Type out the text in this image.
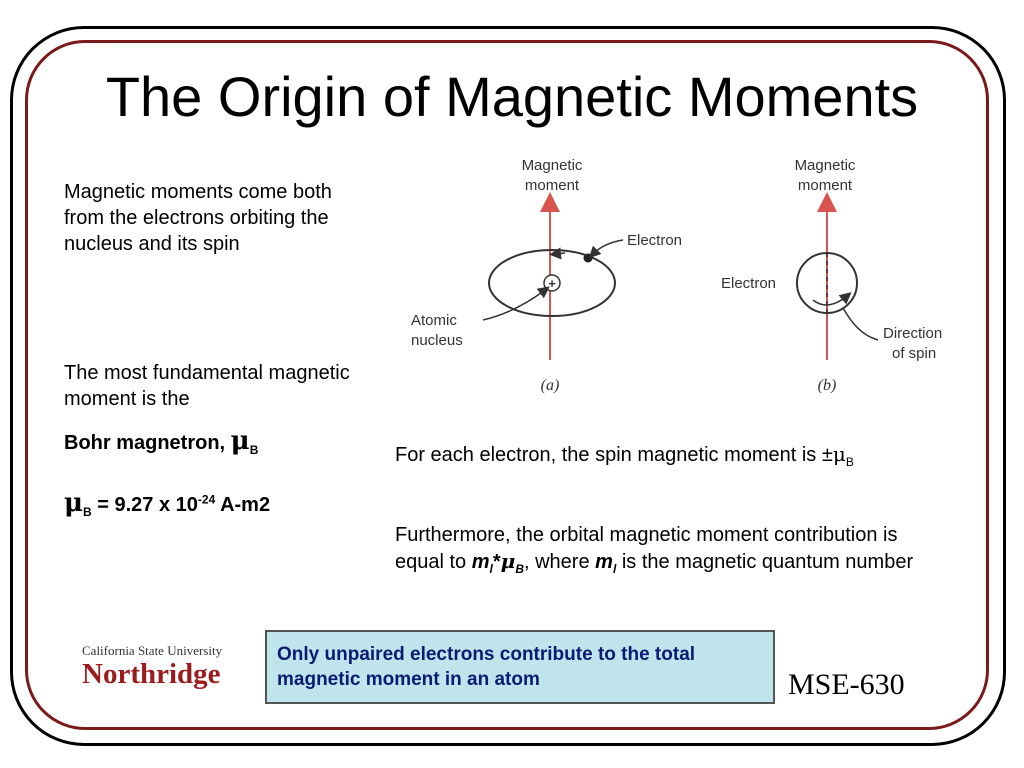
The Origin of Magnetic Moments
Magnetic moments come both from the electrons orbiting the nucleus and its spin
The most fundamental magnetic moment is the
Bohr magnetron, $\mu_B$
$\mu_B = 9.27$ x $10^{-24}$ A-m2
Magnetic
moment
+
Electron
Atomic
nucleus
(a)
Magnetic
moment
Electron
Direction
of spin
(b)
For each electron, the spin magnetic moment is $\pm\mu_B$
Furthermore, the orbital magnetic moment contribution is equal to $m_l*\mu_B$, where $m_l$ is the magnetic quantum number
Only unpaired electrons contribute to the total magnetic moment in an atom
California State University
Northridge	MSE-630
